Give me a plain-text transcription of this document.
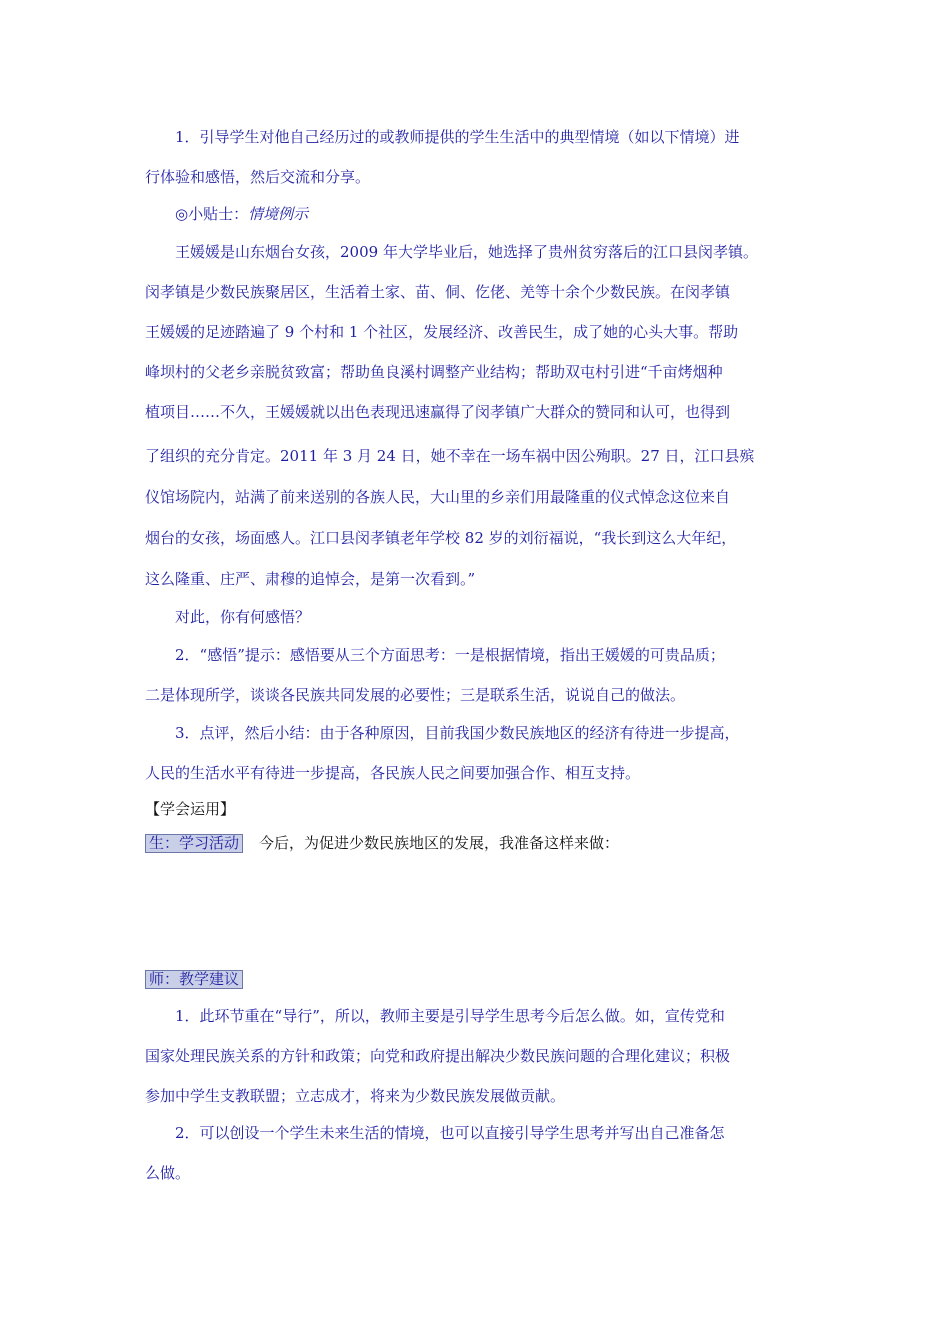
1．引导学生对他自己经历过的或教师提供的学生生活中的典型情境（如以下情境）进
行体验和感悟，然后交流和分享。
◎小贴士：情境例示
王媛媛是山东烟台女孩，2009 年大学毕业后，她选择了贵州贫穷落后的江口县闵孝镇。
闵孝镇是少数民族聚居区，生活着土家、苗、侗、仡佬、羌等十余个少数民族。在闵孝镇
王媛媛的足迹踏遍了 9 个村和 1 个社区，发展经济、改善民生，成了她的心头大事。帮助
峰坝村的父老乡亲脱贫致富；帮助鱼良溪村调整产业结构；帮助双屯村引进“千亩烤烟种
植项目……不久，王媛媛就以出色表现迅速赢得了闵孝镇广大群众的赞同和认可，也得到
了组织的充分肯定。2011 年 3 月 24 日，她不幸在一场车祸中因公殉职。27 日，江口县殡
仪馆场院内，站满了前来送别的各族人民，大山里的乡亲们用最隆重的仪式悼念这位来自
烟台的女孩，场面感人。江口县闵孝镇老年学校 82 岁的刘衍福说，“我长到这么大年纪，
这么隆重、庄严、肃穆的追悼会，是第一次看到。”
对此，你有何感悟？
2．“感悟”提示：感悟要从三个方面思考：一是根据情境，指出王媛媛的可贵品质；
二是体现所学，谈谈各民族共同发展的必要性；三是联系生活，说说自己的做法。
3．点评，然后小结：由于各种原因，目前我国少数民族地区的经济有待进一步提高，
人民的生活水平有待进一步提高，各民族人民之间要加强合作、相互支持。
【学会运用】
生：学习活动 今后，为促进少数民族地区的发展，我准备这样来做：
师：教学建议
1．此环节重在“导行”，所以，教师主要是引导学生思考今后怎么做。如，宣传党和
国家处理民族关系的方针和政策；向党和政府提出解决少数民族问题的合理化建议；积极
参加中学生支教联盟；立志成才，将来为少数民族发展做贡献。
2．可以创设一个学生未来生活的情境，也可以直接引导学生思考并写出自己准备怎
么做。
